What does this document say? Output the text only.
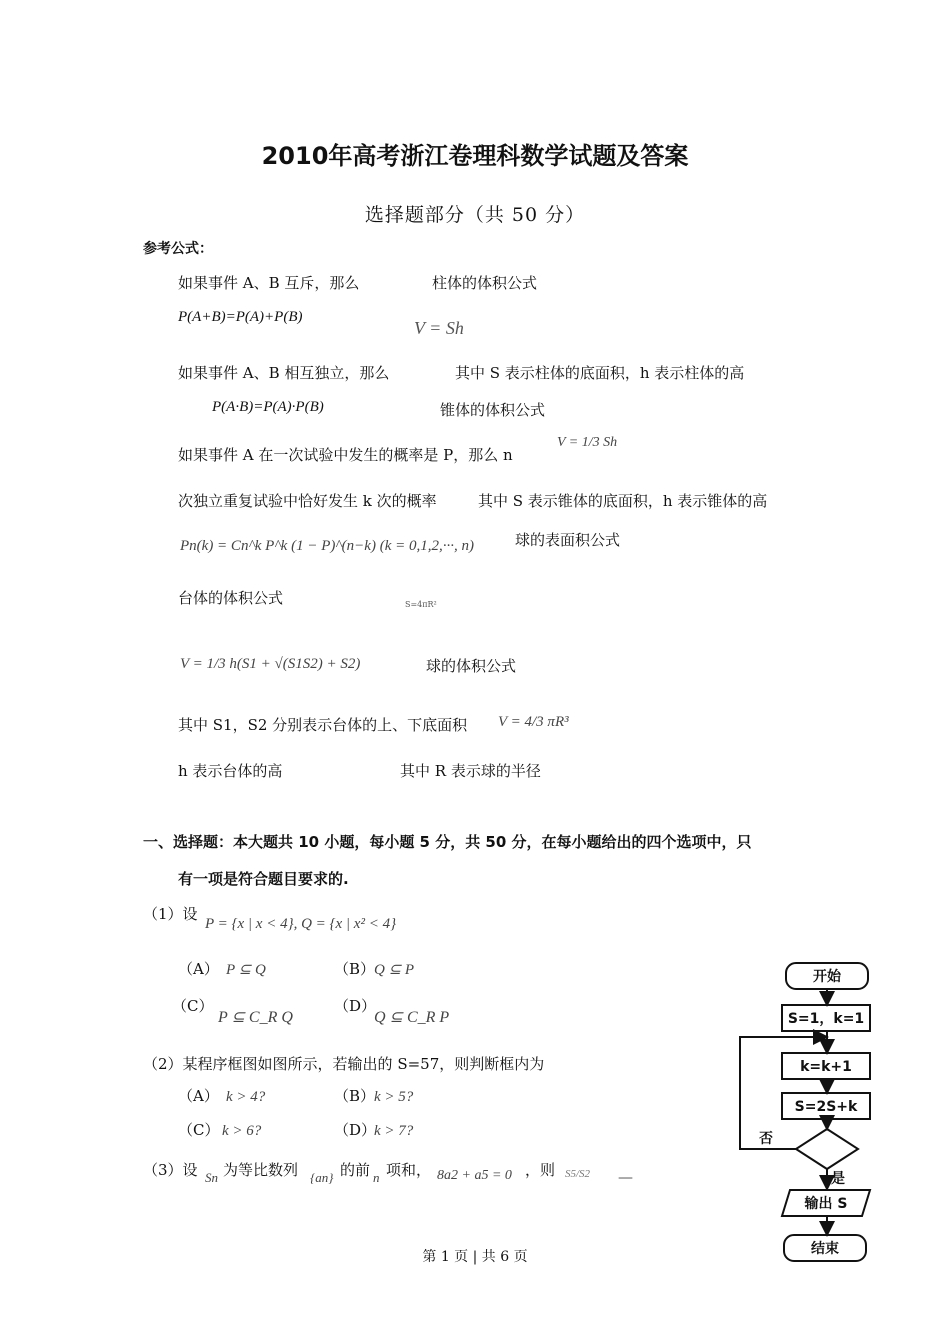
2010年高考浙江卷理科数学试题及答案
选择题部分（共 50 分）
参考公式：
如果事件 A、B 互斥，那么	柱体的体积公式
P(A+B)=P(A)+P(B)
V = Sh
如果事件 A、B 相互独立，那么	其中 S 表示柱体的底面积，h 表示柱体的高
P(A·B)=P(A)·P(B)	锥体的体积公式
如果事件 A 在一次试验中发生的概率是 P，那么 n
V = 1/3 Sh
次独立重复试验中恰好发生 k 次的概率	其中 S 表示锥体的底面积，h 表示锥体的高
Pn(k) = Cn^k P^k (1 − P)^(n−k) (k = 0,1,2,···, n)	球的表面积公式
台体的体积公式	S=4πR²
V = 1/3 h(S1 + √(S1S2) + S2)	球的体积公式
其中 S1，S2 分别表示台体的上、下底面积 V = 4/3 πR³
h 表示台体的高	其中 R 表示球的半径
一、选择题：本大题共 10 小题，每小题 5 分，共 50 分，在每小题给出的四个选项中，只
有一项是符合题目要求的.
（1）设
P = {x | x < 4}, Q = {x | x² < 4}
（A） P ⊆ Q	（B）
Q ⊆ P
（C）
P ⊆ C_R Q
（D）
Q ⊆ C_R P
（2）某程序框图如图所示，若输出的 S=57，则判断框内为
（A） k > 4?	（B）
k > 5?
（C） k > 6?	（D）
k > 7?
（3）设 Sn 为等比数列 {an} 的前 n 项和， 8a2 + a5 = 0 ，则 S5/S2 —
开始
S=1，k=1
k=k+1
S=2S+k
否
是
输出 S
结束
第 1 页 | 共 6 页
